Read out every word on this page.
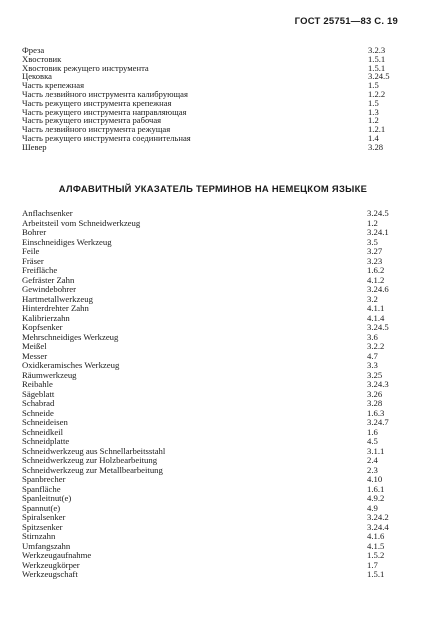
ГОСТ 25751—83 С. 19
Фреза	3.2.3
Хвостовик	1.5.1
Хвостовик режущего инструмента	1.5.1
Цековка	3.24.5
Часть крепежная	1.5
Часть лезвийного инструмента калибрующая	1.2.2
Часть режущего инструмента крепежная	1.5
Часть режущего инструмента направляющая	1.3
Часть режущего инструмента рабочая	1.2
Часть лезвийного инструмента режущая	1.2.1
Часть режущего инструмента соединительная	1.4
Шевер	3.28
АЛФАВИТНЫЙ УКАЗАТЕЛЬ ТЕРМИНОВ НА НЕМЕЦКОМ ЯЗЫКЕ
Anflachsenker	3.24.5
Arbeitsteil vom Schneidwerkzeug	1.2
Bohrer	3.24.1
Einschneidiges Werkzeug	3.5
Feile	3.27
Fräser	3.23
Freifläche	1.6.2
Gefräster Zahn	4.1.2
Gewindebohrer	3.24.6
Hartmetallwerkzeug	3.2
Hinterdrehter Zahn	4.1.1
Kalibrierzahn	4.1.4
Kopfsenker	3.24.5
Mehrschneidiges Werkzeug	3.6
Meißel	3.2.2
Messer	4.7
Oxidkeramisches Werkzeug	3.3
Räumwerkzeug	3.25
Reibahle	3.24.3
Sägeblatt	3.26
Schabrad	3.28
Schneide	1.6.3
Schneideisen	3.24.7
Schneidkeil	1.6
Schneidplatte	4.5
Schneidwerkzeug aus Schnellarbeitsstahl	3.1.1
Schneidwerkzeug zur Holzbearbeitung	2.4
Schneidwerkzeug zur Metallbearbeitung	2.3
Spanbrecher	4.10
Spanfläche	1.6.1
Spanleitnut(e)	4.9.2
Spannut(e)	4.9
Spiralsenker	3.24.2
Spitzsenker	3.24.4
Stirnzahn	4.1.6
Umfangszahn	4.1.5
Werkzeugaufnahme	1.5.2
Werkzeugkörper	1.7
Werkzeugschaft	1.5.1
